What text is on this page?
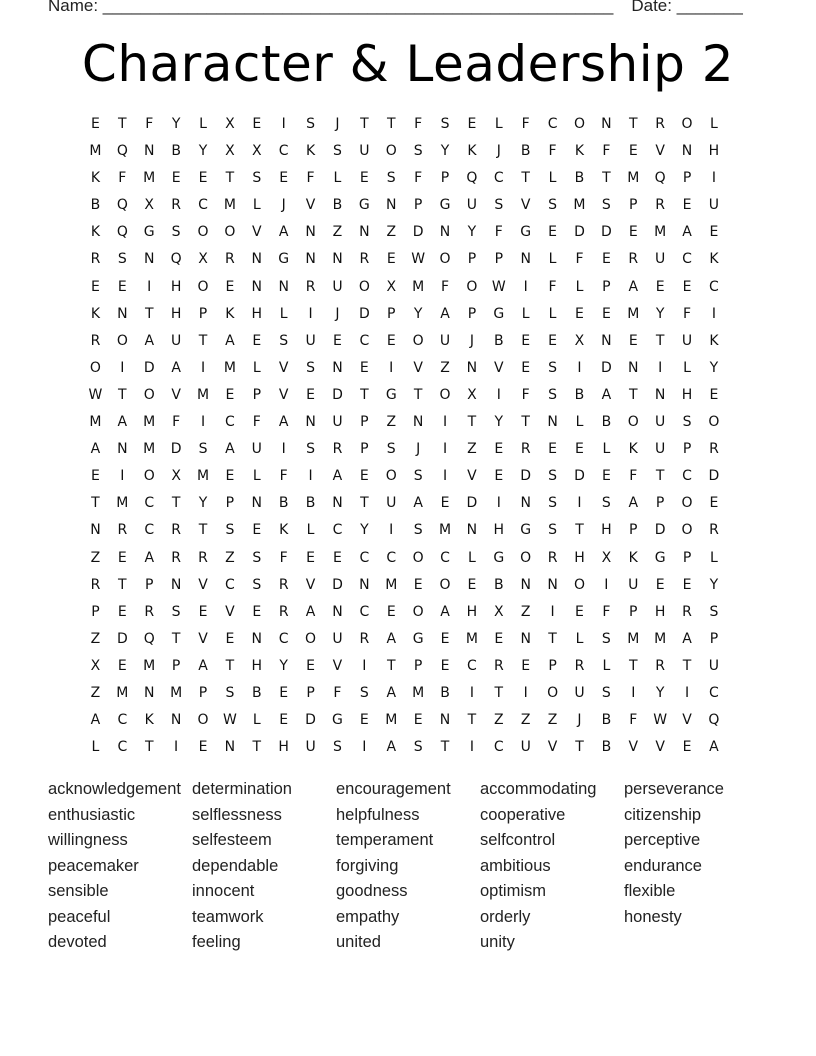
Name: ______________________________________________________ Date: _______
Character & Leadership 2
E	T	F	Y	L	X	E	I	S	J	T	T	F	S	E	L	F	C	O	N	T	R	O	L
M	Q	N	B	Y	X	X	C	K	S	U	O	S	Y	K	J	B	F	K	F	E	V	N	H
K	F	M	E	E	T	S	E	F	L	E	S	F	P	Q	C	T	L	B	T	M	Q	P	I
B	Q	X	R	C	M	L	J	V	B	G	N	P	G	U	S	V	S	M	S	P	R	E	U
K	Q	G	S	O	O	V	A	N	Z	N	Z	D	N	Y	F	G	E	D	D	E	M	A	E
R	S	N	Q	X	R	N	G	N	N	R	E	W	O	P	P	N	L	F	E	R	U	C	K
E	E	I	H	O	E	N	N	R	U	O	X	M	F	O	W	I	F	L	P	A	E	E	C
K	N	T	H	P	K	H	L	I	J	D	P	Y	A	P	G	L	L	E	E	M	Y	F	I
R	O	A	U	T	A	E	S	U	E	C	E	O	U	J	B	E	E	X	N	E	T	U	K
O	I	D	A	I	M	L	V	S	N	E	I	V	Z	N	V	E	S	I	D	N	I	L	Y
W	T	O	V	M	E	P	V	E	D	T	G	T	O	X	I	F	S	B	A	T	N	H	E
M	A	M	F	I	C	F	A	N	U	P	Z	N	I	T	Y	T	N	L	B	O	U	S	O
A	N	M	D	S	A	U	I	S	R	P	S	J	I	Z	E	R	E	E	L	K	U	P	R
E	I	O	X	M	E	L	F	I	A	E	O	S	I	V	E	D	S	D	E	F	T	C	D
T	M	C	T	Y	P	N	B	B	N	T	U	A	E	D	I	N	S	I	S	A	P	O	E
N	R	C	R	T	S	E	K	L	C	Y	I	S	M	N	H	G	S	T	H	P	D	O	R
Z	E	A	R	R	Z	S	F	E	E	C	C	O	C	L	G	O	R	H	X	K	G	P	L
R	T	P	N	V	C	S	R	V	D	N	M	E	O	E	B	N	N	O	I	U	E	E	Y
P	E	R	S	E	V	E	R	A	N	C	E	O	A	H	X	Z	I	E	F	P	H	R	S
Z	D	Q	T	V	E	N	C	O	U	R	A	G	E	M	E	N	T	L	S	M	M	A	P
X	E	M	P	A	T	H	Y	E	V	I	T	P	E	C	R	E	P	R	L	T	R	T	U
Z	M	N	M	P	S	B	E	P	F	S	A	M	B	I	T	I	O	U	S	I	Y	I	C
A	C	K	N	O	W	L	E	D	G	E	M	E	N	T	Z	Z	Z	J	B	F	W	V	Q
L	C	T	I	E	N	T	H	U	S	I	A	S	T	I	C	U	V	T	B	V	V	E	A
acknowledgement determination	encouragement	accommodating	perseverance
enthusiastic	selflessness	helpfulness	cooperative	citizenship
willingness	selfesteem	temperament	selfcontrol	perceptive
peacemaker	dependable	forgiving	ambitious	endurance
sensible	innocent	goodness	optimism	flexible
peaceful	teamwork	empathy	orderly	honesty
devoted	feeling	united	unity
